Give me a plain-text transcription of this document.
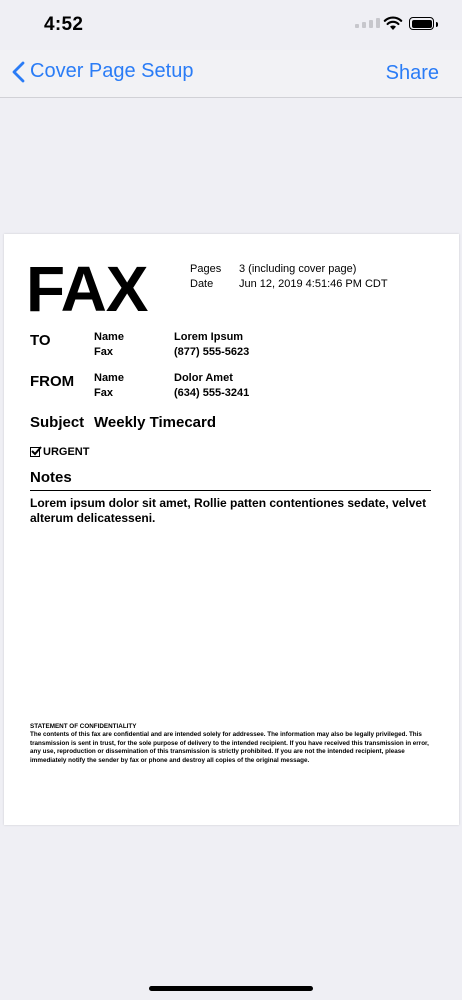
4:52
Cover Page Setup	Share
FAX	Pages	3 (including cover page)
Date	Jun 12, 2019 4:51:46 PM CDT
TO	Name	Lorem Ipsum
Fax	(877) 555-5623
FROM Name	Dolor Amet
Fax	(634) 555-3241
Subject Weekly Timecard
URGENT
Notes
Lorem ipsum dolor sit amet, Rollie patten contentiones sedate, velvet alterum delicatesseni.
STATEMENT OF CONFIDENTIALITY
The contents of this fax are confidential and are intended solely for addressee. The information may also be legally privileged. This transmission is sent in trust, for the sole purpose of delivery to the intended recipient. If you have received this transmission in error, any use, reproduction or dissemination of this transmission is strictly prohibited. If you are not the intended recipient, please immediately notify the sender by fax or phone and destroy all copies of the original message.
